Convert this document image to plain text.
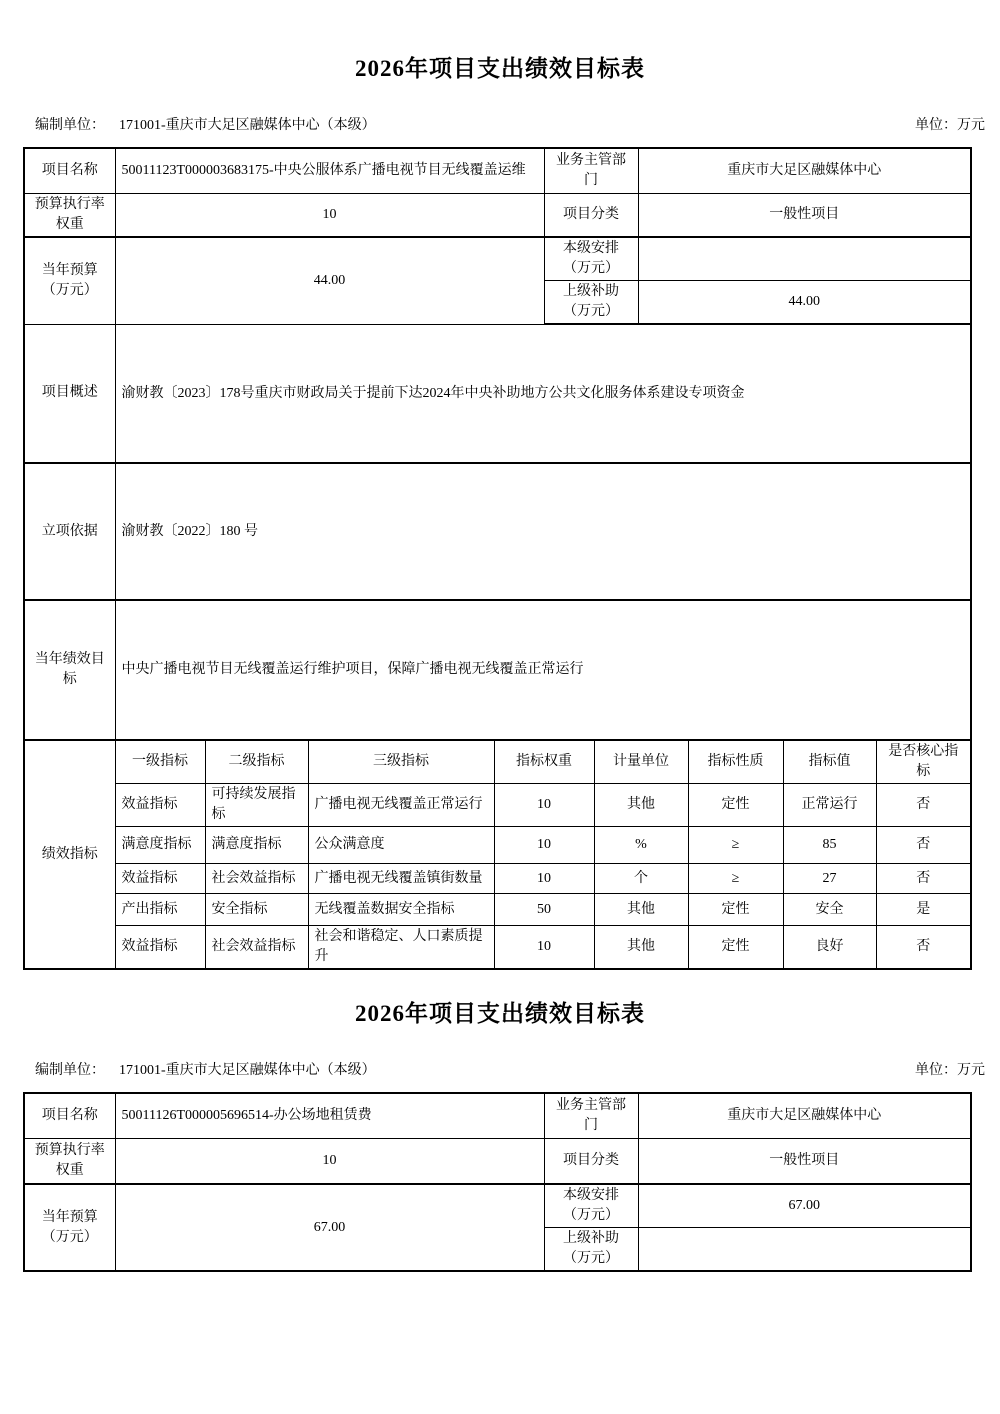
2026年项目支出绩效目标表
编制单位： 171001-重庆市大足区融媒体中心（本级）	单位：万元
项目名称	50011123T000003683175-中央公服体系广播电视节目无线覆盖运维				业务主管部门		重庆市大足区融媒体中心			
预算执行率权重	10				项目分类		一般性项目			
当年预算（万元）	44.00				本级安排（万元）					
					上级补助（万元）		44.00			
项目概述	渝财教〔2023〕178号重庆市财政局关于提前下达2024年中央补助地方公共文化服务体系建设专项资金									
立项依据	渝财教〔2022〕180 号									
当年绩效目标	中央广播电视节目无线覆盖运行维护项目，保障广播电视无线覆盖正常运行									
绩效指标	一级指标	二级指标	三级指标	指标权重		计量单位		指标性质	指标值	是否核心指标
	效益指标	可持续发展指标	广播电视无线覆盖正常运行	10		其他		定性	正常运行	否
	满意度指标	满意度指标	公众满意度	10		%		≥	85	否
	效益指标	社会效益指标	广播电视无线覆盖镇街数量	10		个		≥	27	否
	产出指标	安全指标	无线覆盖数据安全指标	50		其他		定性	安全	是
	效益指标	社会效益指标	社会和谐稳定、人口素质提升	10		其他		定性	良好	否
2026年项目支出绩效目标表
编制单位： 171001-重庆市大足区融媒体中心（本级）	单位：万元
项目名称	50011126T000005696514-办公场地租赁费	业务主管部门	重庆市大足区融媒体中心
预算执行率权重	10	项目分类	一般性项目
当年预算（万元）	67.00	本级安排（万元）	67.00
		上级补助（万元）	
